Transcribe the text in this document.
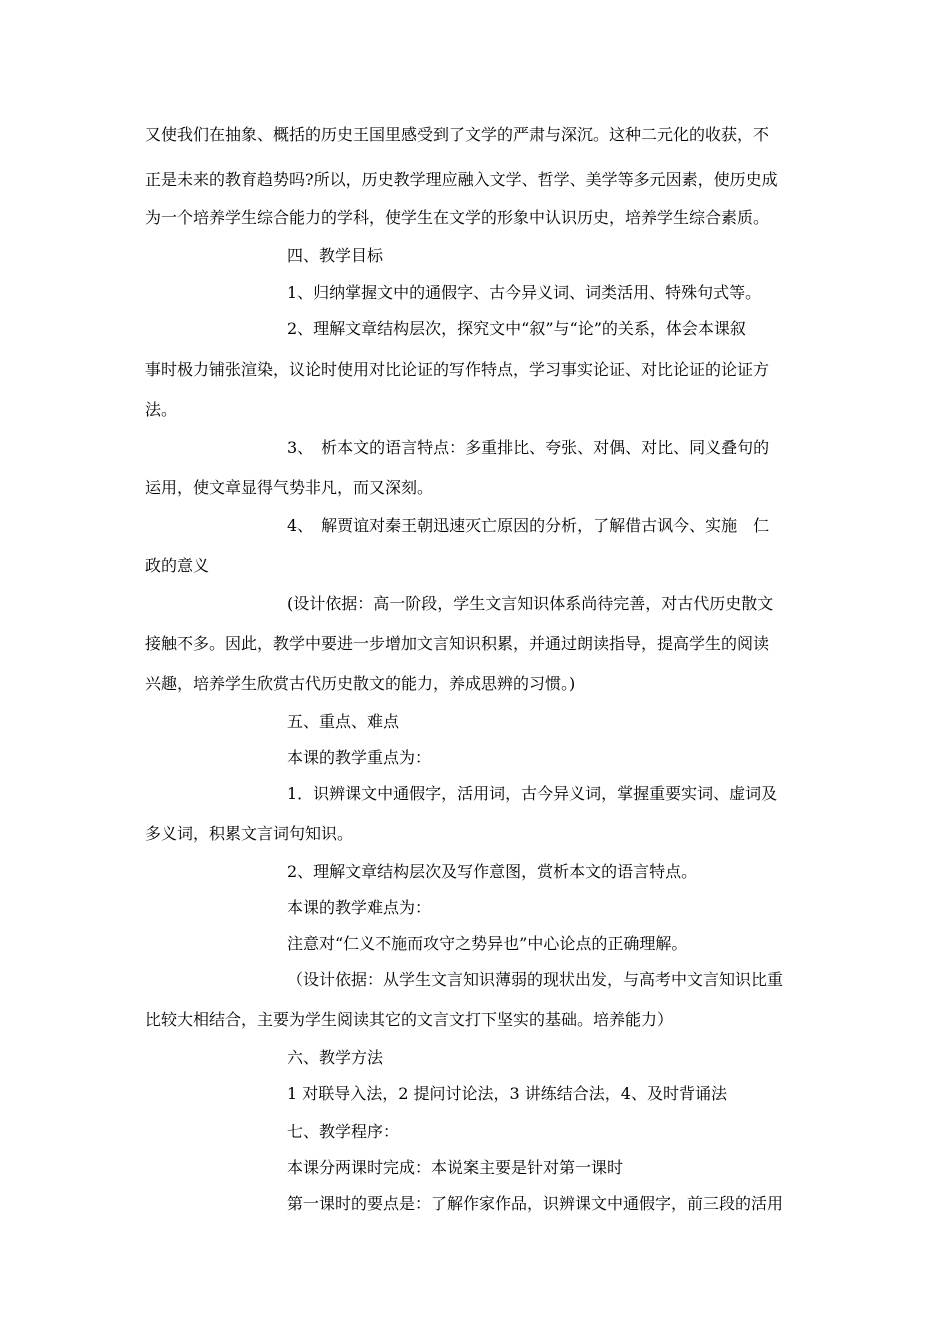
又使我们在抽象、概括的历史王国里感受到了文学的严肃与深沉。这种二元化的收获，不
正是未来的教育趋势吗?所以，历史教学理应融入文学、哲学、美学等多元因素，使历史成
为一个培养学生综合能力的学科，使学生在文学的形象中认识历史，培养学生综合素质。
四、教学目标
1、归纳掌握文中的通假字、古今异义词、词类活用、特殊句式等。
2、理解文章结构层次，探究文中“叙”与“论”的关系，体会本课叙
事时极力铺张渲染，议论时使用对比论证的写作特点，学习事实论证、对比论证的论证方
法。
3、　析本文的语言特点：多重排比、夸张、对偶、对比、同义叠句的
运用，使文章显得气势非凡，而又深刻。
4、　解贾谊对秦王朝迅速灭亡原因的分析，了解借古讽今、实施　仁
政的意义
(设计依据：高一阶段，学生文言知识体系尚待完善，对古代历史散文
接触不多。因此，教学中要进一步增加文言知识积累，并通过朗读指导，提高学生的阅读
兴趣，培养学生欣赏古代历史散文的能力，养成思辨的习惯。)
五、重点、难点
本课的教学重点为：
1．识辨课文中通假字，活用词，古今异义词，掌握重要实词、虚词及
多义词，积累文言词句知识。
2、理解文章结构层次及写作意图，赏析本文的语言特点。
本课的教学难点为：
注意对“仁义不施而攻守之势异也”中心论点的正确理解。
（设计依据：从学生文言知识薄弱的现状出发，与高考中文言知识比重
比较大相结合，主要为学生阅读其它的文言文打下坚实的基础。培养能力）
六、教学方法
1 对联导入法，2 提问讨论法，3 讲练结合法，4、及时背诵法
七、教学程序：
本课分两课时完成：本说案主要是针对第一课时
第一课时的要点是：了解作家作品，识辨课文中通假字，前三段的活用
